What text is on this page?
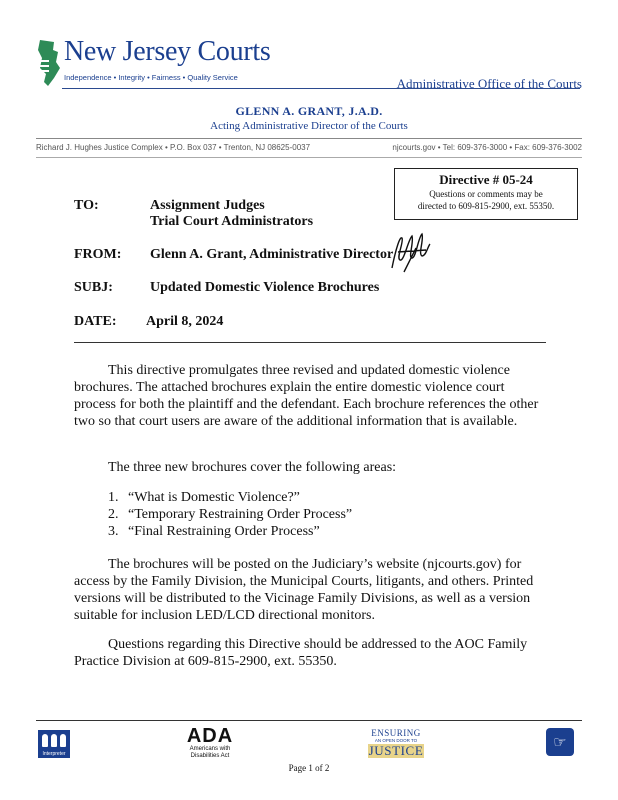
New Jersey Courts
Independence • Integrity • Fairness • Quality Service	Administrative Office of the Courts
GLENN A. GRANT, J.A.D.
Acting Administrative Director of the Courts
Richard J. Hughes Justice Complex • P.O. Box 037 • Trenton, NJ 08625-0037	njcourts.gov • Tel: 609-376-3000 • Fax: 609-376-3002
Directive # 05-24
Questions or comments may be
directed to 609-815-2900, ext. 55350.
TO:	Assignment Judges
Trial Court Administrators
FROM: Glenn A. Grant, Administrative Director
SUBJ:	Updated Domestic Violence Brochures
DATE: April 8, 2024
This directive promulgates three revised and updated domestic violence brochures. The attached brochures explain the entire domestic violence court process for both the plaintiff and the defendant. Each brochure references the other two so that court users are aware of the additional information that is available.
The three new brochures cover the following areas:
1. “What is Domestic Violence?”
2. “Temporary Restraining Order Process”
3. “Final Restraining Order Process”
The brochures will be posted on the Judiciary’s website (njcourts.gov) for access by the Family Division, the Municipal Courts, litigants, and others. Printed versions will be distributed to the Vicinage Family Divisions, as well as a version suitable for inclusion LED/LCD directional monitors.
Questions regarding this Directive should be addressed to the AOC Family Practice Division at 609-815-2900, ext. 55350.
Interpreter
ADA
Americans with
Disabilities Act
ENSURING
AN OPEN DOOR TO
JUSTICE	☞
Page 1 of 2
